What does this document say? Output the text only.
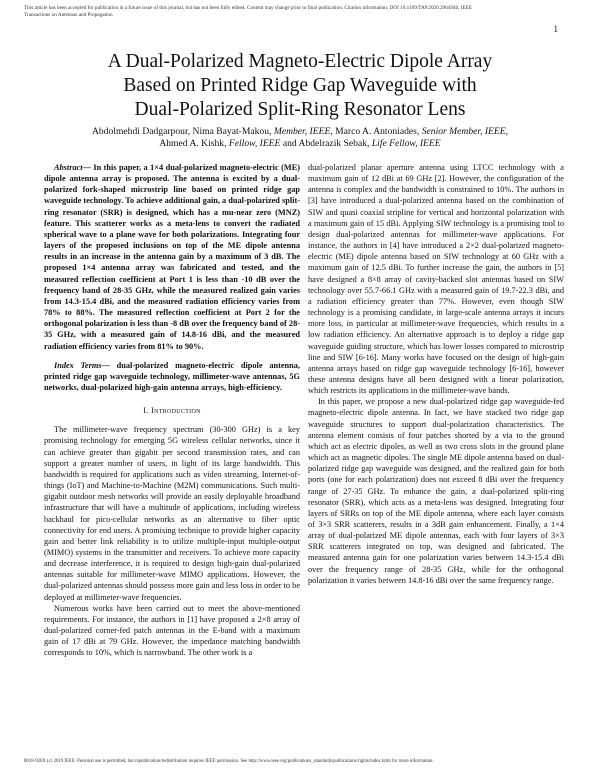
This article has been accepted for publication in a future issue of this journal, but has not been fully edited. Content may change prior to final publication. Citation information: DOI 10.1109/TAP.2020.2964940, IEEE
Transactions on Antennas and Propagation
1
A Dual-Polarized Magneto-Electric Dipole Array
Based on Printed Ridge Gap Waveguide with
Dual-Polarized Split-Ring Resonator Lens
Abdolmehdi Dadgarpour, Nima Bayat-Makou, Member, IEEE, Marco A. Antoniades, Senior Member, IEEE,
Ahmed A. Kishk, Fellow, IEEE and Abdelrazik Sebak, Life Fellow, IEEE

Abstract— In this paper, a 1×4 dual-polarized magneto-electric (ME) dipole antenna array is proposed. The antenna is excited by a dual-polarized fork-shaped microstrip line based on printed ridge gap waveguide technology. To achieve additional gain, a dual-polarized split-ring resonator (SRR) is designed, which has a mu-near zero (MNZ) feature. This scatterer works as a meta-lens to convert the radiated spherical wave to a plane wave for both polarizations. Integrating four layers of the proposed inclusions on top of the ME dipole antenna results in an increase in the antenna gain by a maximum of 3 dB. The proposed 1×4 antenna array was fabricated and tested, and the measured reflection coefficient at Port 1 is less than -10 dB over the frequency band of 28-35 GHz, while the measured realized gain varies from 14.3-15.4 dBi, and the measured radiation efficiency varies from 78% to 88%. The measured reflection coefficient at Port 2 for the orthogonal polarization is less than -8 dB over the frequency band of 28-35 GHz, with a measured gain of 14.8-16 dBi, and the measured radiation efficiency varies from 81% to 90%.

Index Terms— dual-polarized magneto-electric dipole antenna, printed ridge gap waveguide technology, millimeter-wave antennas, 5G networks, dual-polarized high-gain antenna arrays, high-efficiency.

I. Introduction

The millimeter-wave frequency spectrum (30-300 GHz) is a key promising technology for emerging 5G wireless cellular networks, since it can achieve greater than gigabit per second transmission rates, and can support a greater number of users, in light of its large bandwidth. This bandwidth is required for applications such as video streaming, Internet-of-things (IoT) and Machine-to-Machine (M2M) communications. Such multi-gigabit outdoor mesh networks will provide an easily deployable broadband infrastructure that will have a multitude of applications, including wireless backhaul for pico-cellular networks as an alternative to fiber optic connectivity for end users. A promising technique to provide higher capacity gain and better link reliability is to utilize multiple-input multiple-output (MIMO) systems in the transmitter and receivers. To achieve more capacity and decrease interference, it is required to design high-gain dual-polarized antennas suitable for millimeter-wave MIMO applications. However, the dual-polarized antennas should possess more gain and less loss in order to be deployed at millimeter-wave frequencies.

Numerous works have been carried out to meet the above-mentioned requirements. For instance, the authors in [1] have proposed a 2×8 array of dual-polarized corner-fed patch antennas in the E-band with a maximum gain of 17 dBi at 79 GHz. However, the impedance matching bandwidth corresponds to 10%, which is narrowband. The other work is a

dual-polarized planar aperture antenna using LTCC technology with a maximum gain of 12 dBi at 69 GHz [2]. However, the configuration of the antenna is complex and the bandwidth is constrained to 10%. The authors in [3] have introduced a dual-polarized antenna based on the combination of SIW and quasi coaxial stripline for vertical and horizontal polarization with a maximum gain of 15 dBi. Applying SIW technology is a promising tool to design dual-polarized antennas for millimeter-wave applications. For instance, the authors in [4] have introduced a 2×2 dual-polarized magneto-electric (ME) dipole antenna based on SIW technology at 60 GHz with a maximum gain of 12.5 dBi. To further increase the gain, the authors in [5] have designed a 8×8 array of cavity-backed slot antennas based on SIW technology over 55.7-66.1 GHz with a measured gain of 19.7-22.3 dBi, and a radiation efficiency greater than 77%. However, even though SIW technology is a promising candidate, in large-scale antenna arrays it incurs more loss, in particular at millimeter-wave frequencies, which results in a low radiation efficiency. An alternative approach is to deploy a ridge gap waveguide guiding structure, which has lower losses compared to microstrip line and SIW [6-16]. Many works have focused on the design of high-gain antenna arrays based on ridge gap waveguide technology [6-16], however these antenna designs have all been designed with a linear polarization, which restricts its applications in the millimeter-wave bands.

In this paper, we propose a new dual-polarized ridge gap waveguide-fed magneto-electric dipole antenna. In fact, we have stacked two ridge gap waveguide structures to support dual-polarization characteristics. The antenna element consists of four patches shorted by a via to the ground which act as electric dipoles, as well as two cross slots in the ground plane which act as magnetic dipoles. The single ME dipole antenna based on dual-polarized ridge gap waveguide was designed, and the realized gain for both ports (one for each polarization) does not exceed 8 dBi over the frequency range of 27-35 GHz. To enhance the gain, a dual-polarized split-ring resonator (SRR), which acts as a meta-lens was designed. Integrating four layers of SRRs on top of the ME dipole antenna, where each layer consists of 3×3 SRR scatterers, results in a 3dB gain enhancement. Finally, a 1×4 array of dual-polarized ME dipole antennas, each with four layers of 3×3 SRR scatterers integrated on top, was designed and fabricated. The measured antenna gain for one polarization varies between 14.3-15.4 dBi over the frequency range of 28-35 GHz, while for the orthogonal polarization it varies between 14.8-16 dBi over the same frequency range.

0018-926X (c) 2019 IEEE. Personal use is permitted, but republication/redistribution requires IEEE permission. See http://www.ieee.org/publications_standards/publications/rights/index.html for more information.
